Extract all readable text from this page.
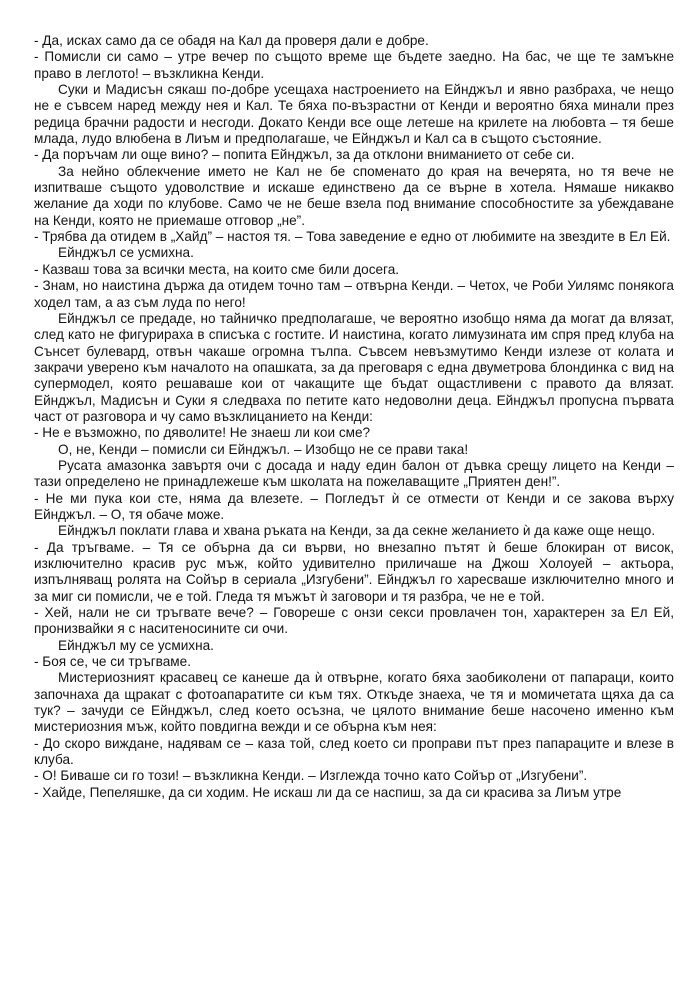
- Да, исках само да се обадя на Кал да проверя дали е добре.

- Помисли си само – утре вечер по същото време ще бъдете заедно. На бас, че ще те замъкне право в леглото! – възкликна Кенди.

Суки и Мадисън сякаш по-добре усещаха настроението на Ейнджъл и явно разбраха, че нещо не е съвсем наред между нея и Кал. Те бяха по-възрастни от Кенди и вероятно бяха минали през редица брачни радости и несгоди. Докато Кенди все още летеше на крилете на любовта – тя беше млада, лудо влюбена в Лиъм и предполагаше, че Ейнджъл и Кал са в същото състояние.

- Да поръчам ли още вино? – попита Ейнджъл, за да отклони вниманието от себе си.

За нейно облекчение името не Кал не бе споменато до края на вечерята, но тя вече не изпитваше същото удоволствие и искаше единствено да се върне в хотела. Нямаше никакво желание да ходи по клубове. Само че не беше взела под внимание способностите за убеждаване на Кенди, която не приемаше отговор „не”.

- Трябва да отидем в „Хайд” – настоя тя. – Това заведение е едно от любимите на звездите в Ел Ей.

Ейнджъл се усмихна.

- Казваш това за всички места, на които сме били досега.

- Знам, но наистина държа да отидем точно там – отвърна Кенди. – Четох, че Роби Уилямс понякога ходел там, а аз съм луда по него!

Ейнджъл се предаде, но тайничко предполагаше, че вероятно изобщо няма да могат да влязат, след като не фигурираха в списъка с гостите. И наистина, когато лимузината им спря пред клуба на Сънсет булевард, отвън чакаше огромна тълпа. Съвсем невъзмутимо Кенди излезе от колата и закрачи уверено към началото на опашката, за да преговаря с една двуметрова блондинка с вид на супермодел, която решаваше кои от чакащите ще бъдат ощастливени с правото да влязат. Ейнджъл, Мадисън и Суки я следваха по петите като недоволни деца. Ейнджъл пропусна първата част от разговора и чу само възклицанието на Кенди:

- Не е възможно, по дяволите! Не знаеш ли кои сме?

О, не, Кенди – помисли си Ейнджъл. – Изобщо не се прави така!

Русата амазонка завъртя очи с досада и наду един балон от дъвка срещу лицето на Кенди – тази определено не принадлежеше към школата на пожелаващите „Приятен ден!”.

- Не ми пука кои сте, няма да влезете. – Погледът ѝ се отмести от Кенди и се закова върху Ейнджъл. – О, тя обаче може.

Ейнджъл поклати глава и хвана ръката на Кенди, за да секне желанието ѝ да каже още нещо.

- Да тръгваме. – Тя се обърна да си върви, но внезапно пътят ѝ беше блокиран от висок, изключително красив рус мъж, който удивително приличаше на Джош Холоуей – актьора, изпълняващ ролята на Сойър в сериала „Изгубени”. Ейнджъл го харесваше изключително много и за миг си помисли, че е той. Гледа тя мъжът ѝ заговори и тя разбра, че не е той.

- Хей, нали не си тръгвате вече? – Говореше с онзи секси провлачен тон, характерен за Ел Ей, пронизвайки я с наситеносините си очи.

Ейнджъл му се усмихна.

- Боя се, че си тръгваме.

Мистериозният красавец се канеше да ѝ отвърне, когато бяха заобиколени от папараци, които започнаха да щракат с фотоапаратите си към тях. Откъде знаеха, че тя и момичетата щяха да са тук? – зачуди се Ейнджъл, след което осъзна, че цялото внимание беше насочено именно към мистериозния мъж, който повдигна вежди и се обърна към нея:

- До скоро виждане, надявам се – каза той, след което си проправи път през папараците и влезе в клуба.

- О! Биваше си го този! – възкликна Кенди. – Изглежда точно като Сойър от „Изгубени”.

- Хайде, Пепеляшке, да си ходим. Не искаш ли да се наспиш, за да си красива за Лиъм утре
